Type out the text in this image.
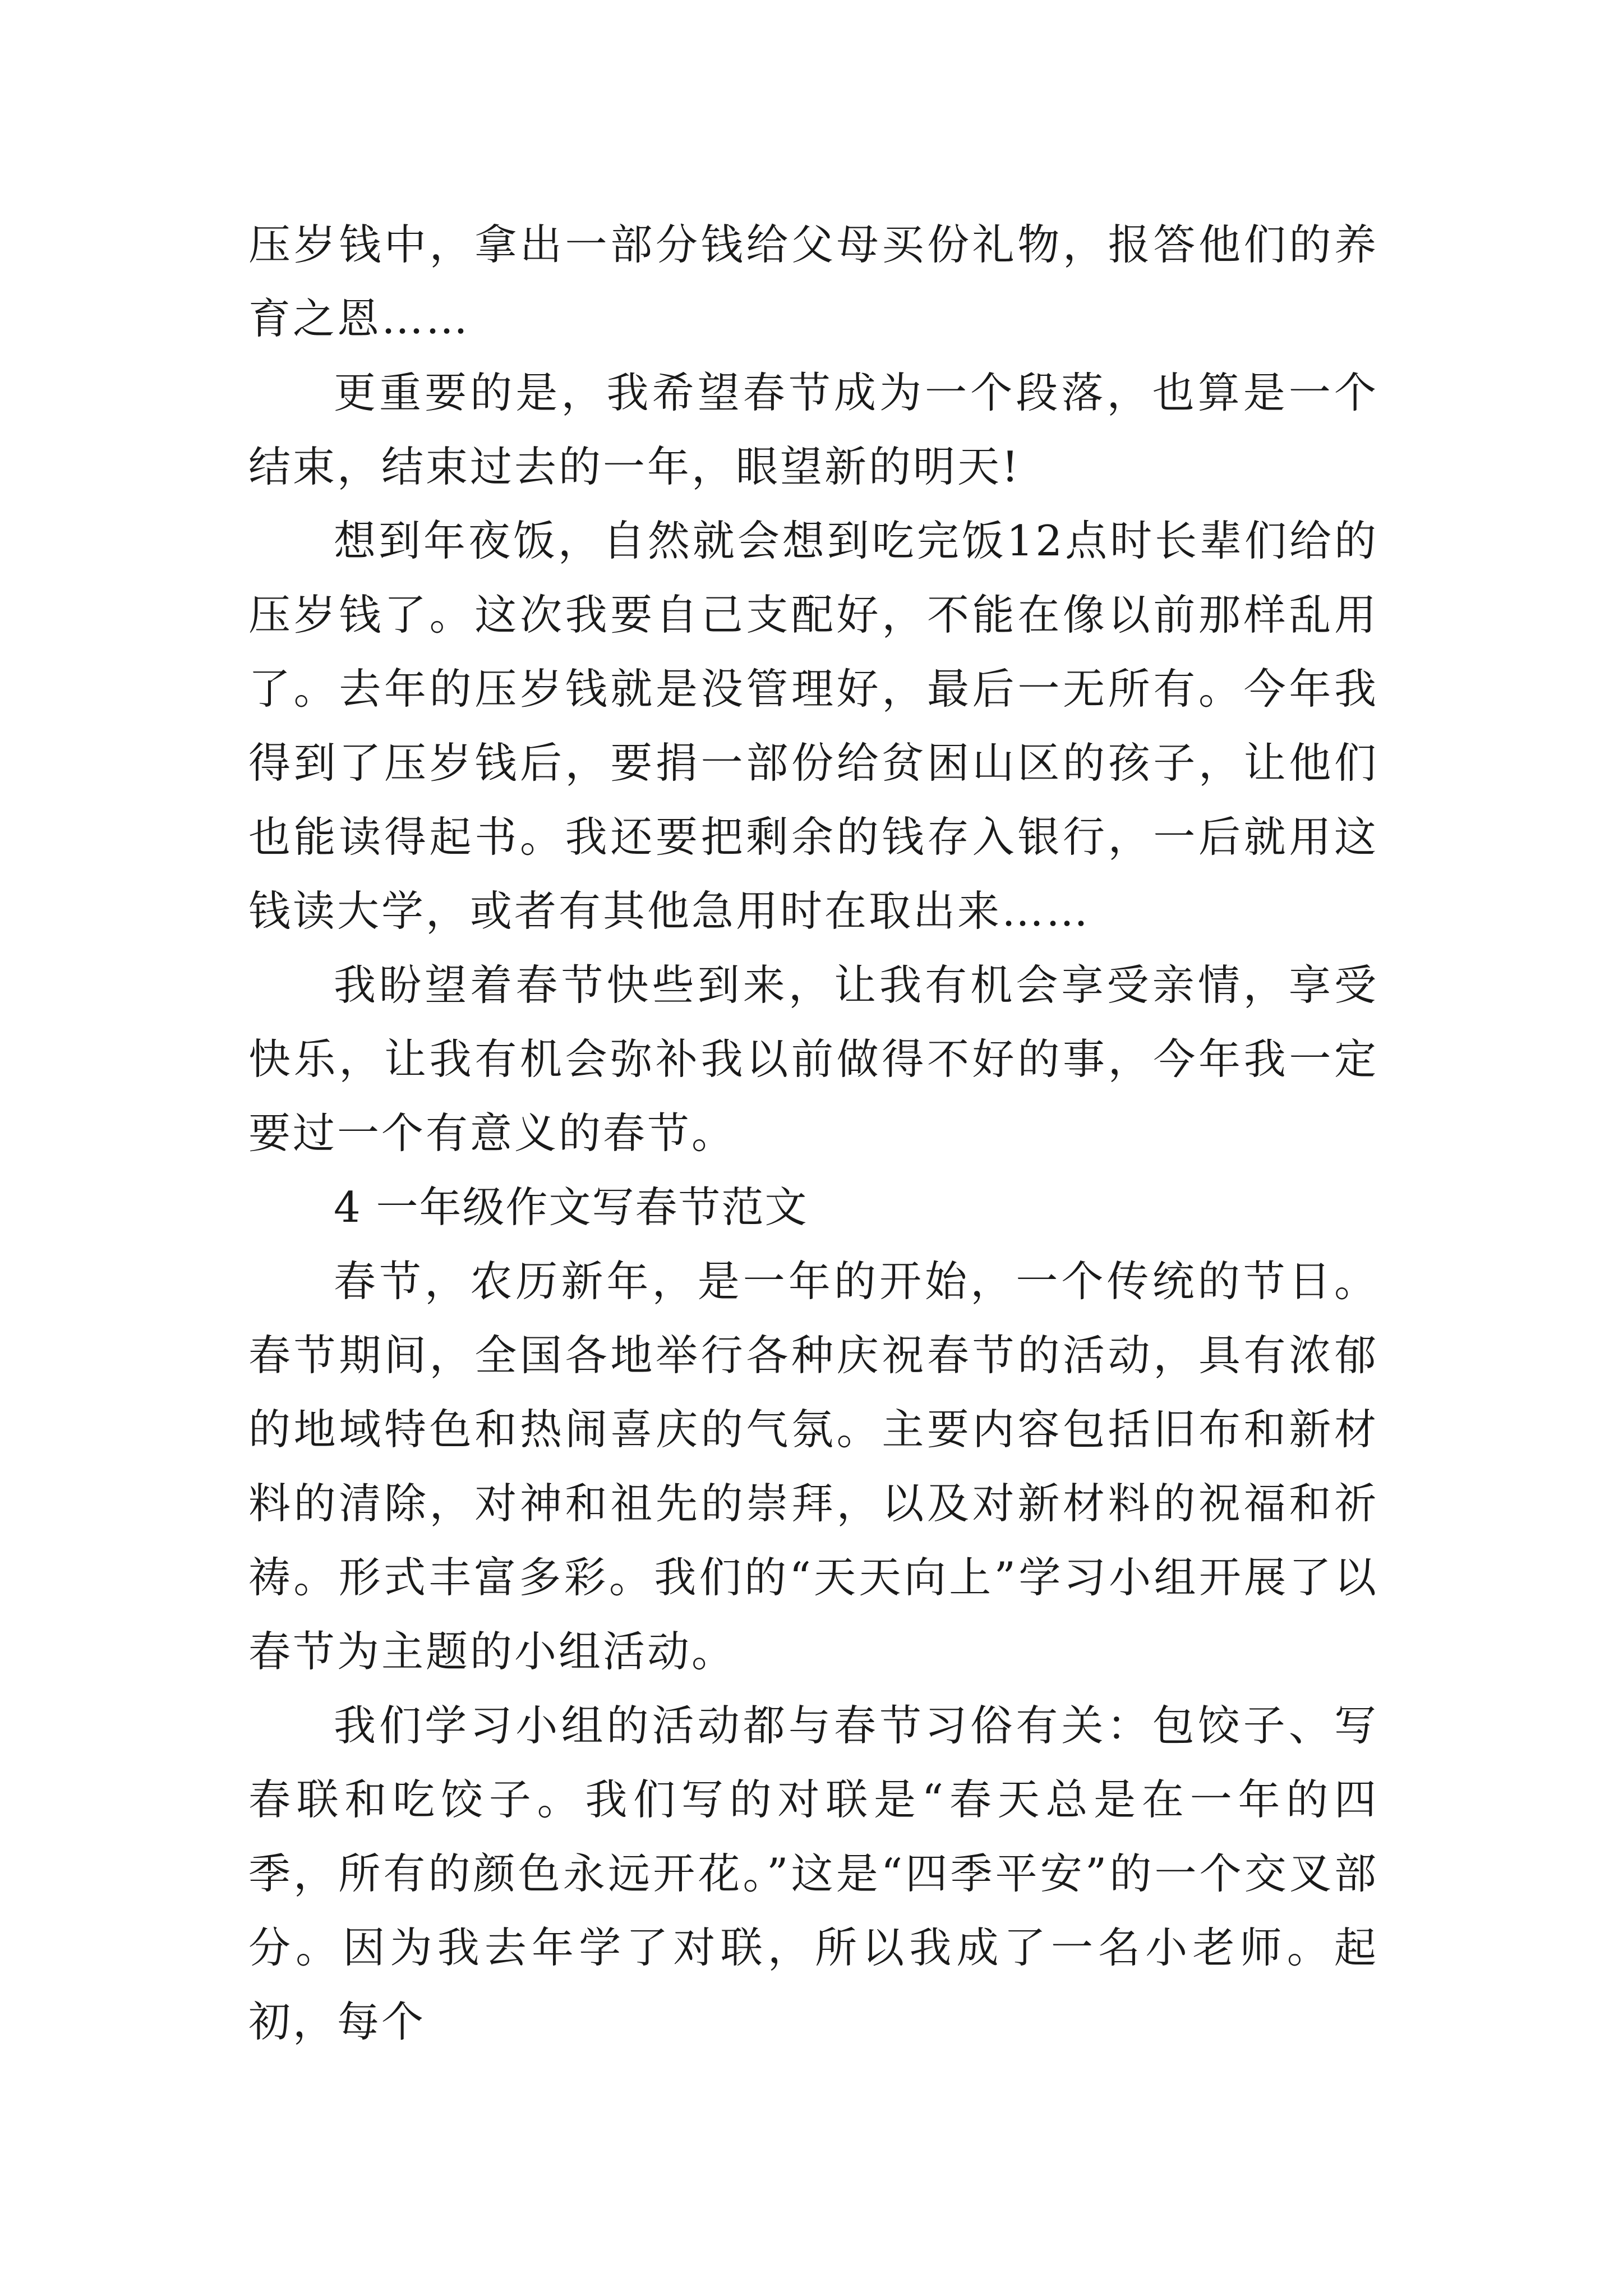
压岁钱中，拿出一部分钱给父母买份礼物，报答他们的养育之恩……

更重要的是，我希望春节成为一个段落，也算是一个结束，结束过去的一年，眼望新的明天!

想到年夜饭，自然就会想到吃完饭12点时长辈们给的压岁钱了。这次我要自己支配好，不能在像以前那样乱用了。去年的压岁钱就是没管理好，最后一无所有。今年我得到了压岁钱后，要捐一部份给贫困山区的孩子，让他们也能读得起书。我还要把剩余的钱存入银行，一后就用这钱读大学，或者有其他急用时在取出来……

我盼望着春节快些到来，让我有机会享受亲情，享受快乐，让我有机会弥补我以前做得不好的事，今年我一定要过一个有意义的春节。

4 一年级作文写春节范文

春节，农历新年，是一年的开始，一个传统的节日。春节期间，全国各地举行各种庆祝春节的活动，具有浓郁的地域特色和热闹喜庆的气氛。主要内容包括旧布和新材料的清除，对神和祖先的崇拜，以及对新材料的祝福和祈祷。形式丰富多彩。我们的“天天向上”学习小组开展了以春节为主题的小组活动。

我们学习小组的活动都与春节习俗有关：包饺子、写春联和吃饺子。我们写的对联是“春天总是在一年的四季，所有的颜色永远开花。”这是“四季平安”的一个交叉部分。因为我去年学了对联，所以我成了一名小老师。起初，每个
